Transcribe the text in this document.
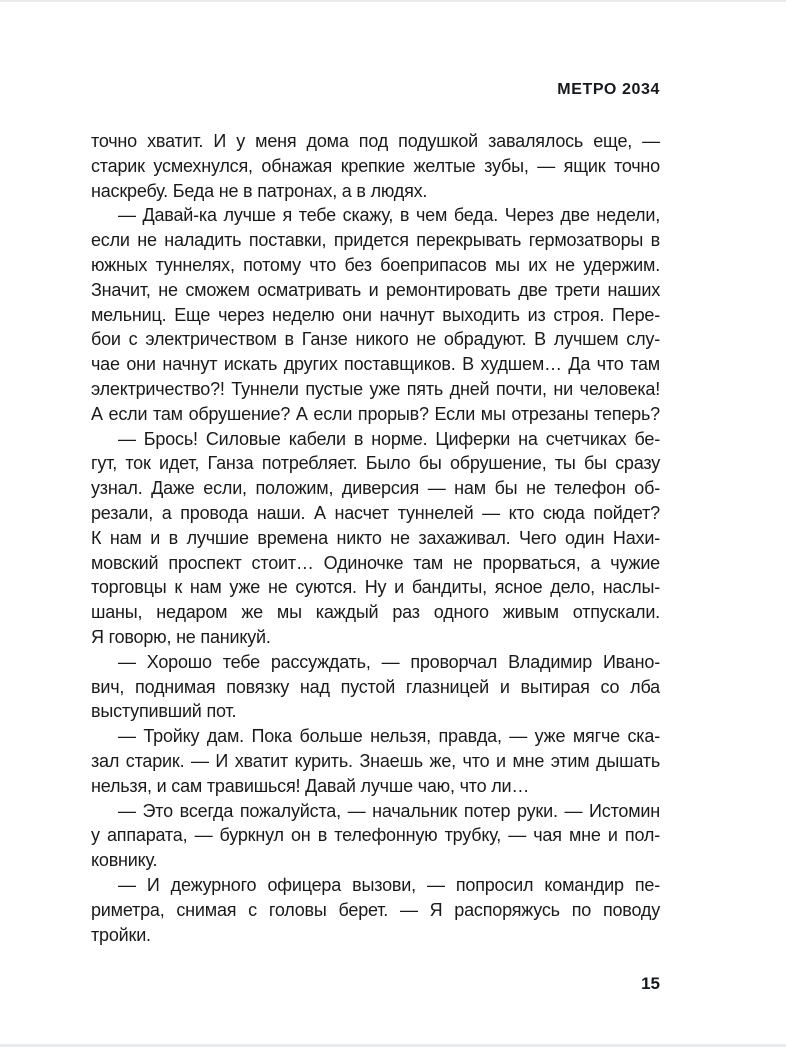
МЕТРО 2034
точно хватит. И у меня дома под подушкой завалялось еще, —
старик усмехнулся, обнажая крепкие желтые зубы, — ящик точно
наскребу. Беда не в патронах, а в людях.
— Давай-ка лучше я тебе скажу, в чем беда. Через две недели,
если не наладить поставки, придется перекрывать гермозатворы в
южных туннелях, потому что без боеприпасов мы их не удержим.
Значит, не сможем осматривать и ремонтировать две трети наших
мельниц. Еще через неделю они начнут выходить из строя. Пере-
бои с электричеством в Ганзе никого не обрадуют. В лучшем слу-
чае они начнут искать других поставщиков. В худшем… Да что там
электричество?! Туннели пустые уже пять дней почти, ни человека!
А если там обрушение? А если прорыв? Если мы отрезаны теперь?
— Брось! Силовые кабели в норме. Циферки на счетчиках бе-
гут, ток идет, Ганза потребляет. Было бы обрушение, ты бы сразу
узнал. Даже если, положим, диверсия — нам бы не телефон об-
резали, а провода наши. А насчет туннелей — кто сюда пойдет?
К нам и в лучшие времена никто не захаживал. Чего один Нахи-
мовский проспект стоит… Одиночке там не прорваться, а чужие
торговцы к нам уже не суются. Ну и бандиты, ясное дело, наслы-
шаны, недаром же мы каждый раз одного живым отпускали.
Я говорю, не паникуй.
— Хорошо тебе рассуждать, — проворчал Владимир Ивано-
вич, поднимая повязку над пустой глазницей и вытирая со лба
выступивший пот.
— Тройку дам. Пока больше нельзя, правда, — уже мягче ска-
зал старик. — И хватит курить. Знаешь же, что и мне этим дышать
нельзя, и сам травишься! Давай лучше чаю, что ли…
— Это всегда пожалуйста, — начальник потер руки. — Истомин
у аппарата, — буркнул он в телефонную трубку, — чая мне и пол-
ковнику.
— И дежурного офицера вызови, — попросил командир пе-
риметра, снимая с головы берет. — Я распоряжусь по поводу
тройки.
15
